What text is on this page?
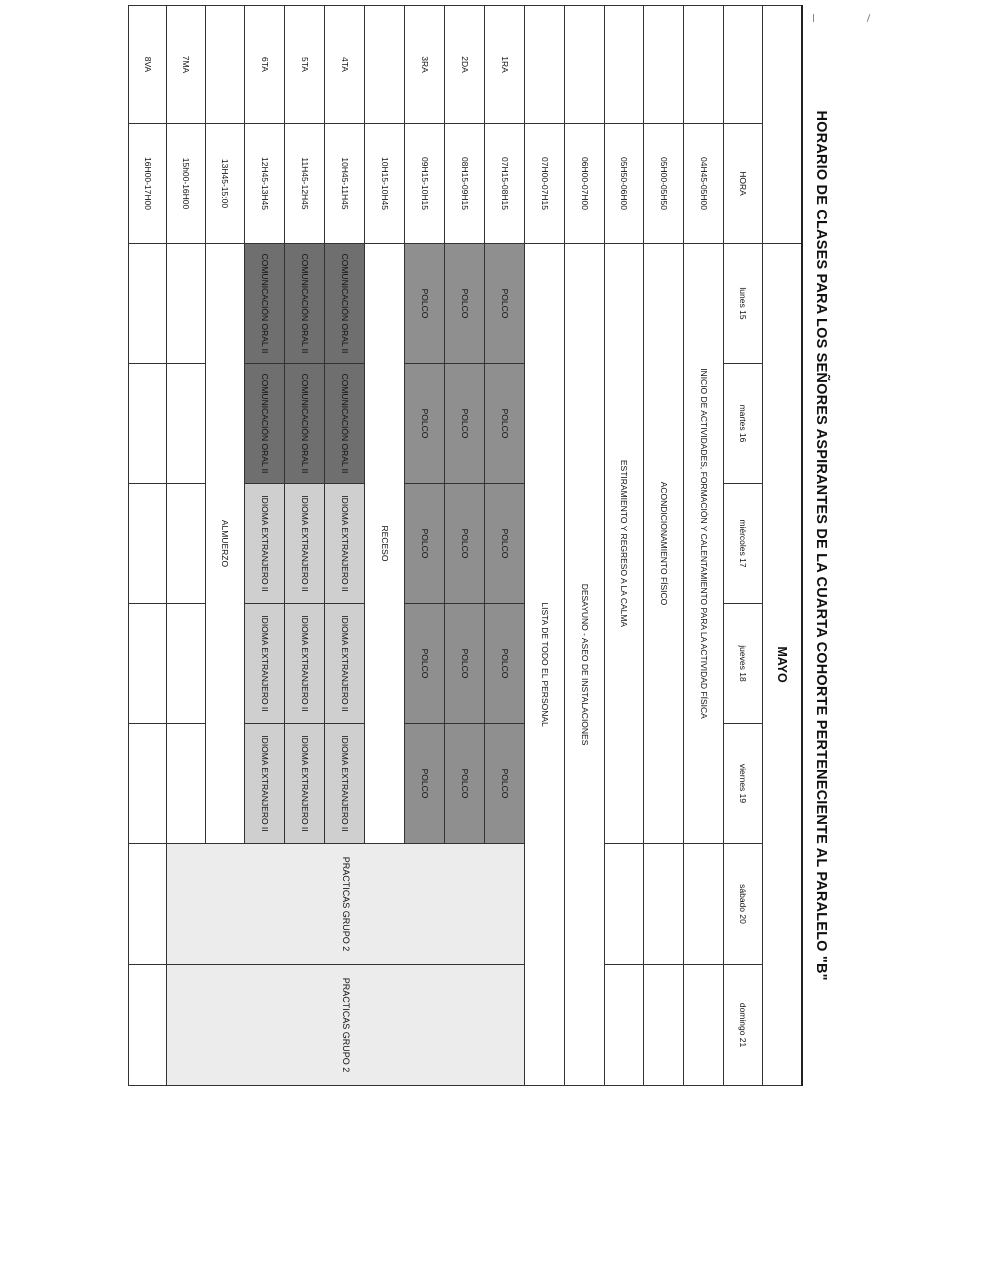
HORARIO DE CLASES PARA LOS SEÑORES ASPIRANTES DE LA CUARTA COHORTE PERTENECIENTE AL PARALELO "B"									
		MAYO							
	HORA	lunes 15	martes 16	miércoles 17	jueves 18	viernes 19	sábado 20	domingo 21	
	04H45-05H00	INICIO DE ACTIVIDADES, FORMACIÓN Y CALENTAMIENTO PARA LA ACTIVIDAD FÍSICA							
	05H00-05H50	ACONDICIONAMIENTO FÍSICO							
	05H50-06H00	ESTIRAMIENTO Y REGRESO A LA CALMA							
	06H00-07H00	DESAYUNO - ASEO DE INSTALACIONES							
	07H00-07H15	LISTA DE TODO EL PERSONAL							
1RA	07H15-08H15	POLCO	POLCO	POLCO	POLCO	POLCO	PRACTICAS GRUPO 2	PRACTICAS GRUPO 2	
2DA	08H15-09H15	POLCO	POLCO	POLCO	POLCO	POLCO			
3RA	09H15-10H15	POLCO	POLCO	POLCO	POLCO	POLCO			
	10H15-10H45	RECESO							
4TA	10H45-11H45	COMUNICACIÓN ORAL II	COMUNICACIÓN ORAL II	IDIOMA EXTRANJERO II	IDIOMA EXTRANJERO II	IDIOMA EXTRANJERO II			
5TA	11H45-12H45	COMUNICACIÓN ORAL II	COMUNICACIÓN ORAL II	IDIOMA EXTRANJERO II	IDIOMA EXTRANJERO II	IDIOMA EXTRANJERO II			
6TA	12H45-13H45	COMUNICACIÓN ORAL II	COMUNICACIÓN ORAL II	IDIOMA EXTRANJERO II	IDIOMA EXTRANJERO II	IDIOMA EXTRANJERO II			
	13H45-15:00	ALMUERZO							
7MA	15h00-16H00								
8VA	16H00-17H00								
